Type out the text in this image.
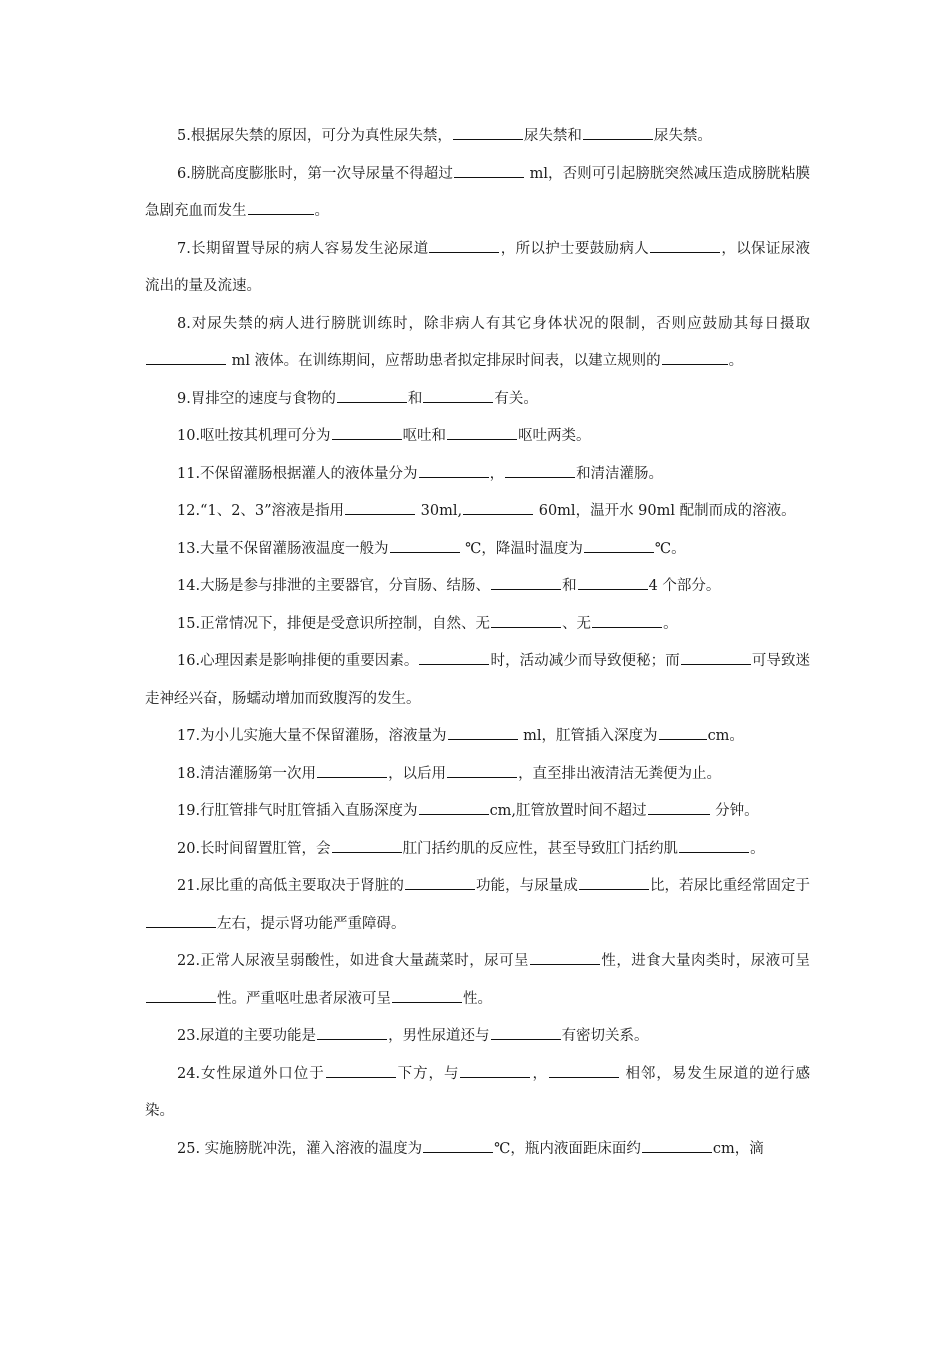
5.根据尿失禁的原因，可分为真性尿失禁，	尿失禁和	尿失禁。

6.膀胱高度膨胀时，第一次导尿量不得超过	ml，否则可引起膀胱突然减压造成膀胱粘膜急剧充血而发生	。

7.长期留置导尿的病人容易发生泌尿道	，所以护士要鼓励病人	，以保证尿液流出的量及流速。

8.对尿失禁的病人进行膀胱训练时，除非病人有其它身体状况的限制，否则应鼓励其每日摄取 ml 液体。在训练期间，应帮助患者拟定排尿时间表，以建立规则的	。

9.胃排空的速度与食物的	和	有关。

10.呕吐按其机理可分为	呕吐和	呕吐两类。

11.不保留灌肠根据灌人的液体量分为	，	和清洁灌肠。

12.“1、2、3”溶液是指用	30ml,	60ml，温开水 90ml 配制而成的溶液。

13.大量不保留灌肠液温度一般为	℃，降温时温度为	℃。

14.大肠是参与排泄的主要器官，分盲肠、结肠、	和	4 个部分。

15.正常情况下，排便是受意识所控制，自然、无	、无	。

16.心理因素是影响排便的重要因素。	时，活动减少而导致便秘；而	可导致迷走神经兴奋，肠蠕动增加而致腹泻的发生。

17.为小儿实施大量不保留灌肠，溶液量为	ml，肛管插入深度为	cm。

18.清洁灌肠第一次用	，以后用	，直至排出液清洁无粪便为止。

19.行肛管排气时肛管插入直肠深度为	cm,肛管放置时间不超过	分钟。

20.长时间留置肛管，会	肛门括约肌的反应性，甚至导致肛门括约肌	。

21.尿比重的高低主要取决于肾脏的	功能，与尿量成	比，若尿比重经常固定于左右，提示肾功能严重障碍。

22.正常人尿液呈弱酸性，如进食大量蔬菜时，尿可呈	性，进食大量肉类时，尿液可呈性。严重呕吐患者尿液可呈	性。

23.尿道的主要功能是	，男性尿道还与	有密切关系。

24.女性尿道外口位于	下方，与	，	相邻，易发生尿道的逆行感染。

25. 实施膀胱冲洗，灌入溶液的温度为	℃，瓶内液面距床面约	cm，滴
